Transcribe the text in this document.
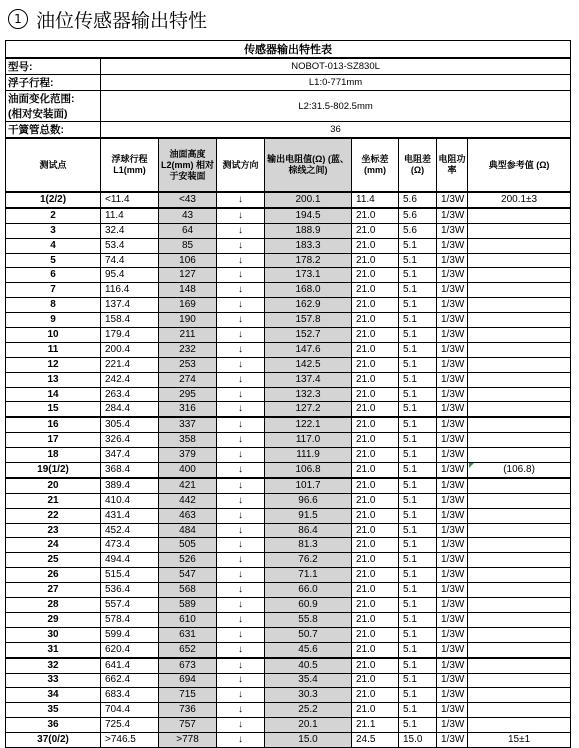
1 油位传感器输出特性
传感器输出特性表								
型号:	NOBOT-013-SZ830L							
浮子行程:	L1:0-771mm							

油面变化范围:
(相对安装面)	L2:31.5-802.5mm							
干簧管总数:	36							
测试点	浮球行程 L1(mm)	油面高度 L2(mm) 相对于安装面	测试方向	输出电阻值(Ω) (蓝、棕线之间)	坐标差 (mm)	电阻差 (Ω)	电阻功率	典型参考值 (Ω)
1(2/2)	<11.4	<43	↓	200.1	11.4	5.6	1/3W	200.1±3
2	11.4	43	↓	194.5	21.0	5.6	1/3W	
3	32.4	64	↓	188.9	21.0	5.6	1/3W	
4	53.4	85	↓	183.3	21.0	5.1	1/3W	
5	74.4	106	↓	178.2	21.0	5.1	1/3W	
6	95.4	127	↓	173.1	21.0	5.1	1/3W	
7	116.4	148	↓	168.0	21.0	5.1	1/3W	
8	137.4	169	↓	162.9	21.0	5.1	1/3W	
9	158.4	190	↓	157.8	21.0	5.1	1/3W	
10	179.4	211	↓	152.7	21.0	5.1	1/3W	
11	200.4	232	↓	147.6	21.0	5.1	1/3W	
12	221.4	253	↓	142.5	21.0	5.1	1/3W	
13	242.4	274	↓	137.4	21.0	5.1	1/3W	
14	263.4	295	↓	132.3	21.0	5.1	1/3W	
15	284.4	316	↓	127.2	21.0	5.1	1/3W	
16	305.4	337	↓	122.1	21.0	5.1	1/3W	
17	326.4	358	↓	117.0	21.0	5.1	1/3W	
18	347.4	379	↓	111.9	21.0	5.1	1/3W	
19(1/2)	368.4	400	↓	106.8	21.0	5.1	1/3W	(106.8)
20	389.4	421	↓	101.7	21.0	5.1	1/3W	
21	410.4	442	↓	96.6	21.0	5.1	1/3W	
22	431.4	463	↓	91.5	21.0	5.1	1/3W	
23	452.4	484	↓	86.4	21.0	5.1	1/3W	
24	473.4	505	↓	81.3	21.0	5.1	1/3W	
25	494.4	526	↓	76.2	21.0	5.1	1/3W	
26	515.4	547	↓	71.1	21.0	5.1	1/3W	
27	536.4	568	↓	66.0	21.0	5.1	1/3W	
28	557.4	589	↓	60.9	21.0	5.1	1/3W	
29	578.4	610	↓	55.8	21.0	5.1	1/3W	
30	599.4	631	↓	50.7	21.0	5.1	1/3W	
31	620.4	652	↓	45.6	21.0	5.1	1/3W	
32	641.4	673	↓	40.5	21.0	5.1	1/3W	
33	662.4	694	↓	35.4	21.0	5.1	1/3W	
34	683.4	715	↓	30.3	21.0	5.1	1/3W	
35	704.4	736	↓	25.2	21.0	5.1	1/3W	
36	725.4	757	↓	20.1	21.1	5.1	1/3W	
37(0/2)	>746.5	>778	↓	15.0	24.5	15.0	1/3W	15±1
